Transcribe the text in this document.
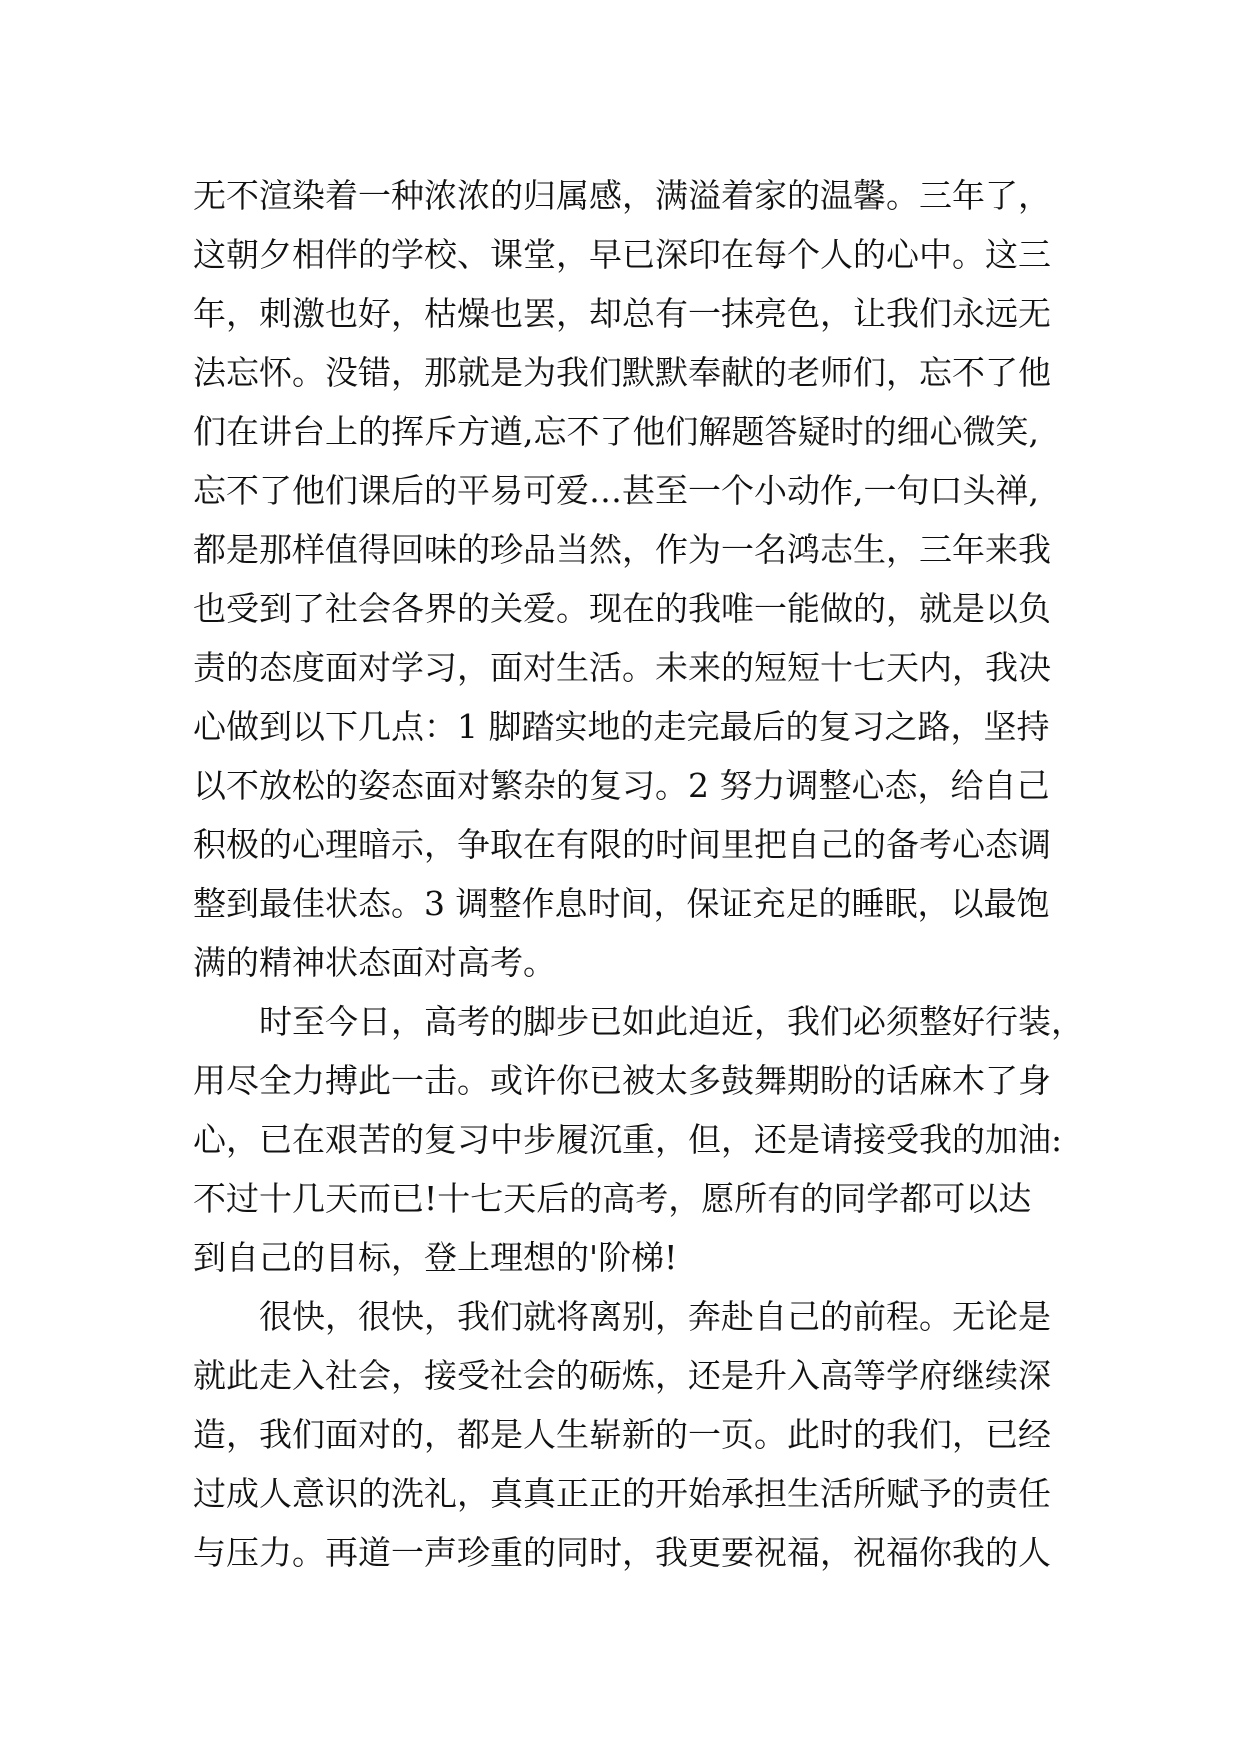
无不渲染着一种浓浓的归属感，满溢着家的温馨。三年了，
这朝夕相伴的学校、课堂，早已深印在每个人的心中。这三
年，刺激也好，枯燥也罢，却总有一抹亮色，让我们永远无
法忘怀。没错，那就是为我们默默奉献的老师们，忘不了他
们在讲台上的挥斥方遒,忘不了他们解题答疑时的细心微笑,
忘不了他们课后的平易可爱…甚至一个小动作,一句口头禅,
都是那样值得回味的珍品当然，作为一名鸿志生，三年来我
也受到了社会各界的关爱。现在的我唯一能做的，就是以负
责的态度面对学习，面对生活。未来的短短十七天内，我决
心做到以下几点：1 脚踏实地的走完最后的复习之路，坚持
以不放松的姿态面对繁杂的复习。2 努力调整心态，给自己
积极的心理暗示，争取在有限的时间里把自己的备考心态调
整到最佳状态。3 调整作息时间，保证充足的睡眠，以最饱
满的精神状态面对高考。
时至今日，高考的脚步已如此迫近，我们必须整好行装，
用尽全力搏此一击。或许你已被太多鼓舞期盼的话麻木了身
心，已在艰苦的复习中步履沉重，但，还是请接受我的加油:
不过十几天而已!十七天后的高考，愿所有的同学都可以达
到自己的目标，登上理想的'阶梯!
很快，很快，我们就将离别，奔赴自己的前程。无论是
就此走入社会，接受社会的砺炼，还是升入高等学府继续深
造，我们面对的，都是人生崭新的一页。此时的我们，已经
过成人意识的洗礼，真真正正的开始承担生活所赋予的责任
与压力。再道一声珍重的同时，我更要祝福，祝福你我的人
